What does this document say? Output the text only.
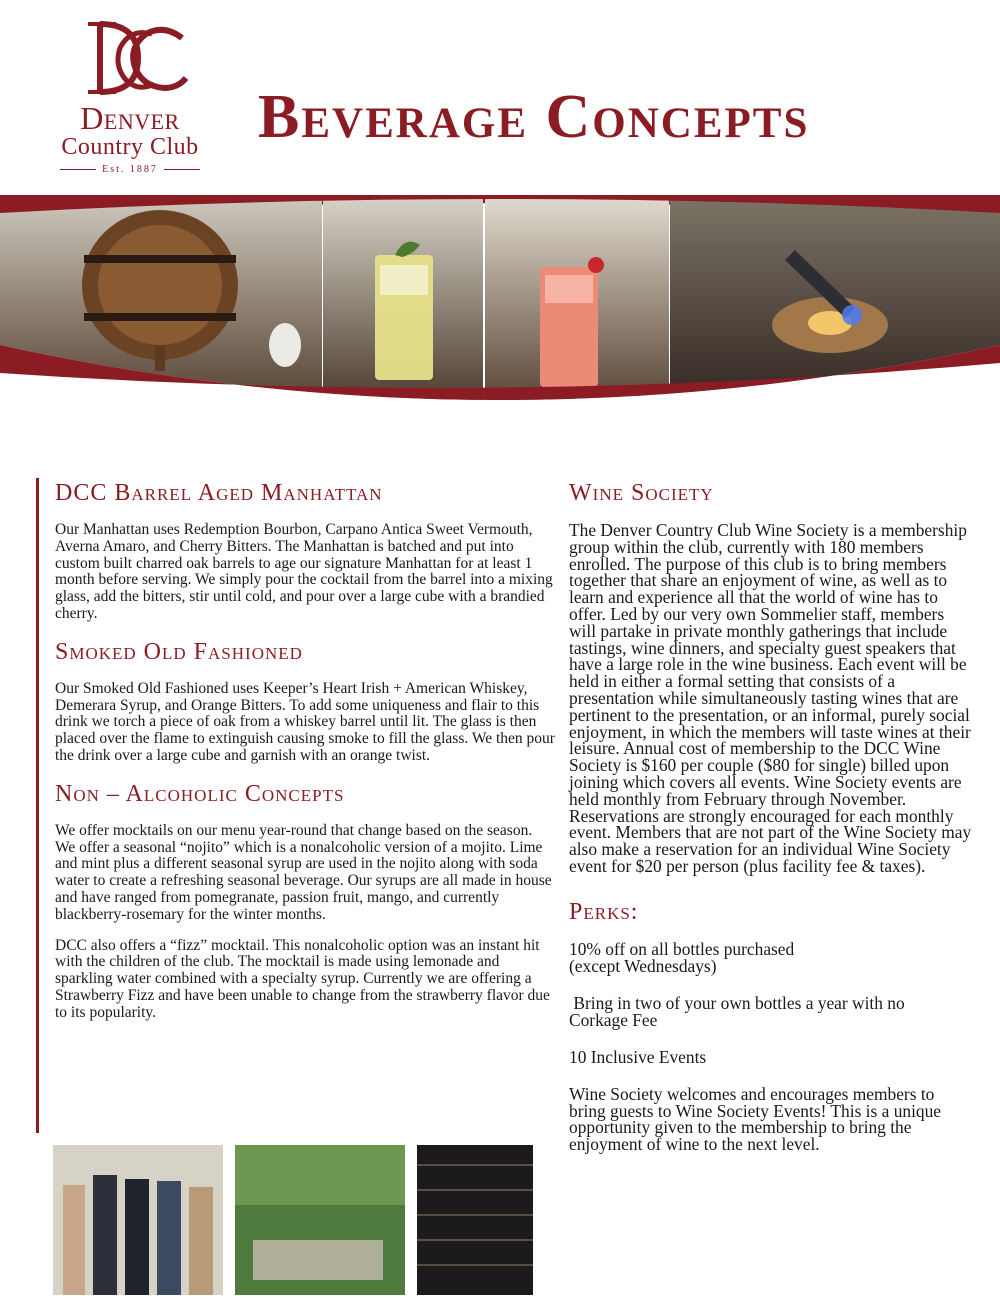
Denver
Country Club
Est. 1887
Beverage Concepts
DCC Barrel Aged Manhattan

Our Manhattan uses Redemption Bourbon, Carpano Antica Sweet Vermouth, Averna Amaro, and Cherry Bitters. The Manhattan is batched and put into custom built charred oak barrels to age our signature Manhattan for at least 1 month before serving. We simply pour the cocktail from the barrel into a mixing glass, add the bitters, stir until cold, and pour over a large cube with a brandied cherry.

Smoked Old Fashioned

Our Smoked Old Fashioned uses Keeper’s Heart Irish + American Whiskey, Demerara Syrup, and Orange Bitters. To add some uniqueness and flair to this drink we torch a piece of oak from a whiskey barrel until lit. The glass is then placed over the flame to extinguish causing smoke to fill the glass. We then pour the drink over a large cube and garnish with an orange twist.

Non – Alcoholic Concepts

We offer mocktails on our menu year-round that change based on the season. We offer a seasonal “nojito” which is a nonalcoholic version of a mojito. Lime and mint plus a different seasonal syrup are used in the nojito along with soda water to create a refreshing seasonal beverage. Our syrups are all made in house and have ranged from pomegranate, passion fruit, mango, and currently blackberry-rosemary for the winter months.

DCC also offers a “fizz” mocktail. This nonalcoholic option was an instant hit with the children of the club. The mocktail is made using lemonade and sparkling water combined with a specialty syrup. Currently we are offering a Strawberry Fizz and have been unable to change from the strawberry flavor due to its popularity.

Wine Society

The Denver Country Club Wine Society is a membership group within the club, currently with 180 members enrolled. The purpose of this club is to bring members together that share an enjoyment of wine, as well as to learn and experience all that the world of wine has to offer. Led by our very own Sommelier staff, members will partake in private monthly gatherings that include tastings, wine dinners, and specialty guest speakers that have a large role in the wine business. Each event will be held in either a formal setting that consists of a presentation while simultaneously tasting wines that are pertinent to the presentation, or an informal, purely social enjoyment, in which the members will taste wines at their leisure. Annual cost of membership to the DCC Wine Society is $160 per couple ($80 for single) billed upon joining which covers all events. Wine Society events are held monthly from February through November. Reservations are strongly encouraged for each monthly event. Members that are not part of the Wine Society may also make a reservation for an individual Wine Society event for $20 per person (plus facility fee & taxes).

Perks:
10% off on all bottles purchased
(except Wednesdays)
Bring in two of your own bottles a year with no
Corkage Fee
10 Inclusive Events

Wine Society welcomes and encourages members to bring guests to Wine Society Events! This is a unique opportunity given to the membership to bring the enjoyment of wine to the next level.
